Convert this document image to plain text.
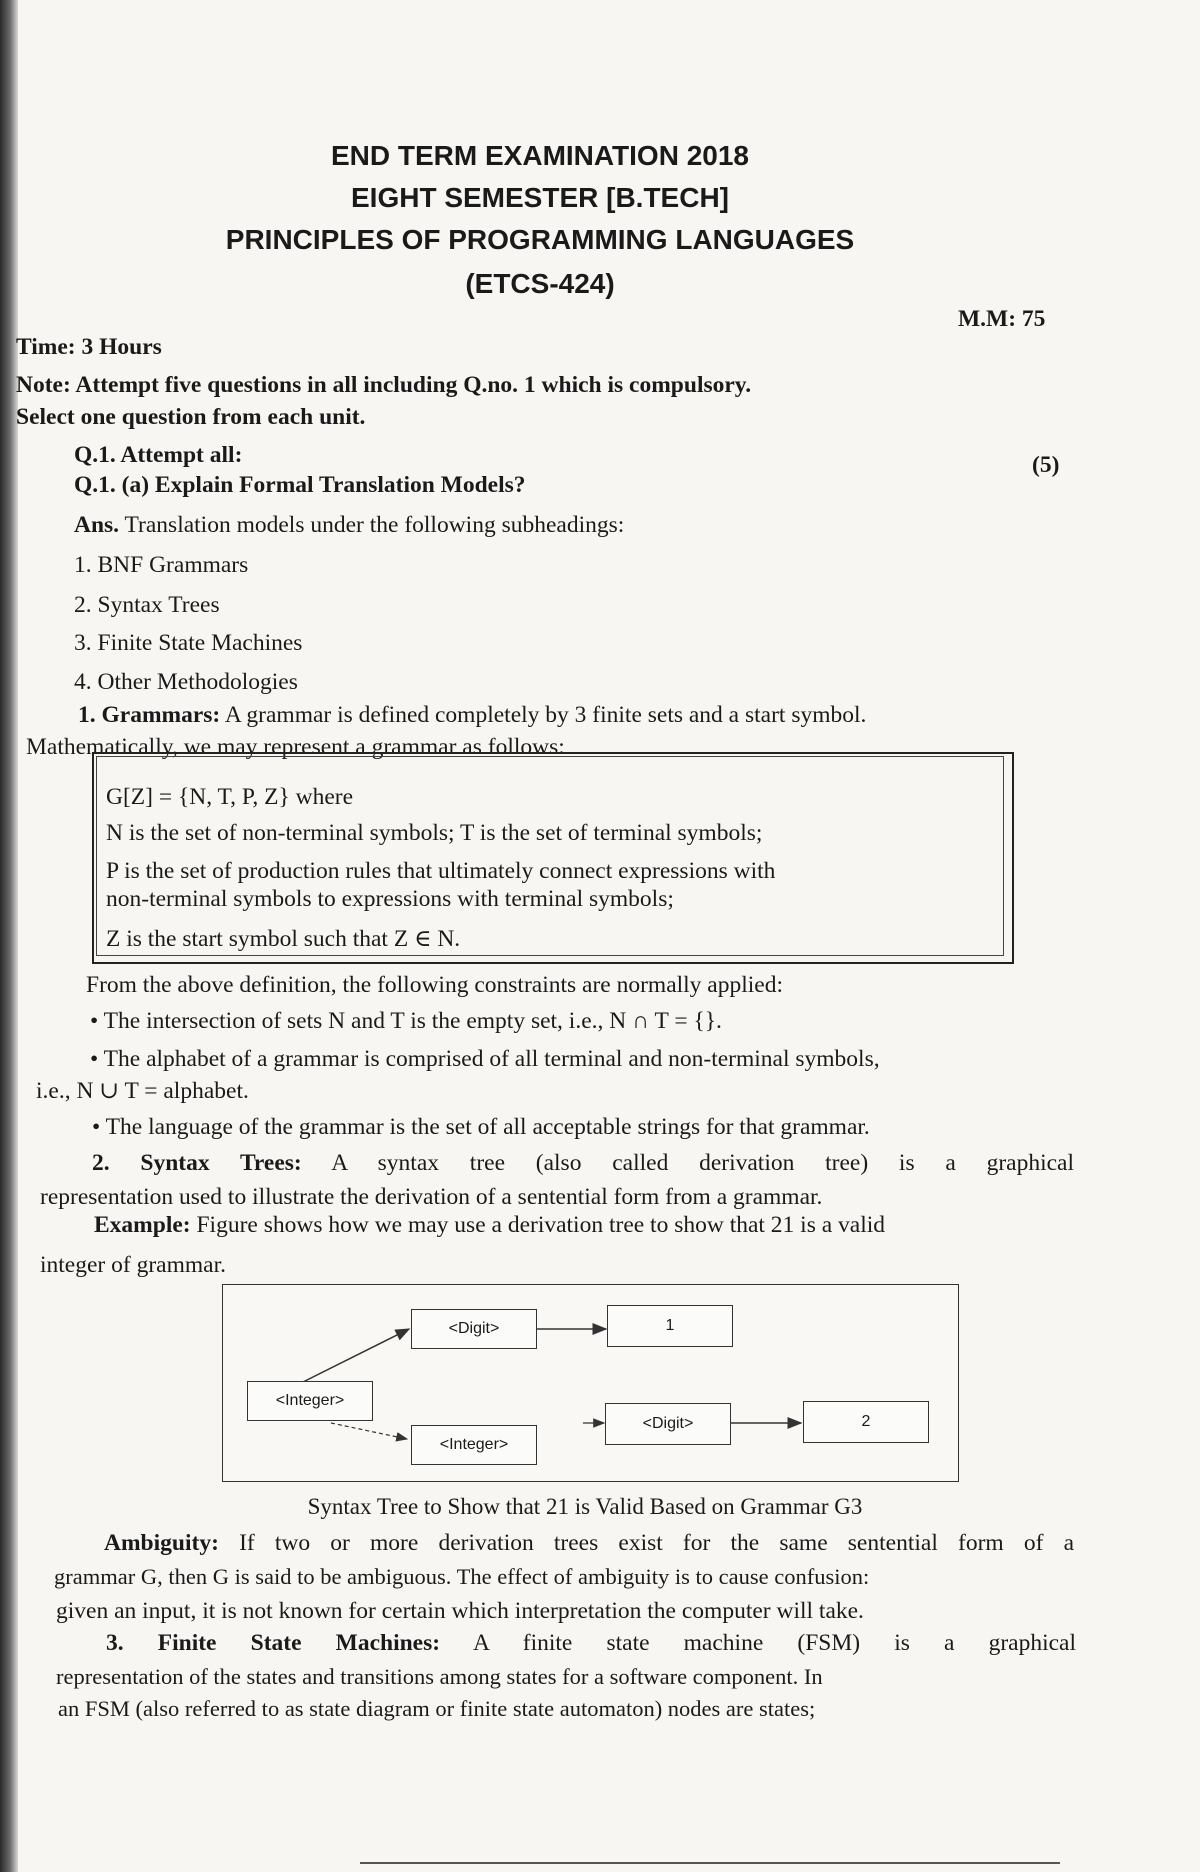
END TERM EXAMINATION 2018
EIGHT SEMESTER [B.TECH]
PRINCIPLES OF PROGRAMMING LANGUAGES
(ETCS-424)
M.M: 75
Time: 3 Hours
Note: Attempt five questions in all including Q.no. 1 which is compulsory.
Select one question from each unit.
Q.1. Attempt all:	(5)
Q.1. (a) Explain Formal Translation Models?
Ans. Translation models under the following subheadings:
1. BNF Grammars
2. Syntax Trees
3. Finite State Machines
4. Other Methodologies
1. Grammars: A grammar is defined completely by 3 finite sets and a start symbol.
Mathematically, we may represent a grammar as follows:
G[Z] = {N, T, P, Z} where
N is the set of non-terminal symbols; T is the set of terminal symbols;
P is the set of production rules that ultimately connect expressions with
non-terminal symbols to expressions with terminal symbols;
Z is the start symbol such that Z ∈ N.
From the above definition, the following constraints are normally applied:
• The intersection of sets N and T is the empty set, i.e., N ∩ T = {}.
• The alphabet of a grammar is comprised of all terminal and non-terminal symbols,
i.e., N ∪ T = alphabet.
• The language of the grammar is the set of all acceptable strings for that grammar.
2. Syntax Trees: A syntax tree (also called derivation tree) is a graphical
representation used to illustrate the derivation of a sentential form from a grammar.
Example: Figure shows how we may use a derivation tree to show that 21 is a valid
integer of grammar.
<Integer>
<Digit>	1
<Integer>
<Digit>	2
Syntax Tree to Show that 21 is Valid Based on Grammar G3
Ambiguity: If two or more derivation trees exist for the same sentential form of a
grammar G, then G is said to be ambiguous. The effect of ambiguity is to cause confusion:
given an input, it is not known for certain which interpretation the computer will take.
3. Finite State Machines: A finite state machine (FSM) is a graphical
representation of the states and transitions among states for a software component. In
an FSM (also referred to as state diagram or finite state automaton) nodes are states;
